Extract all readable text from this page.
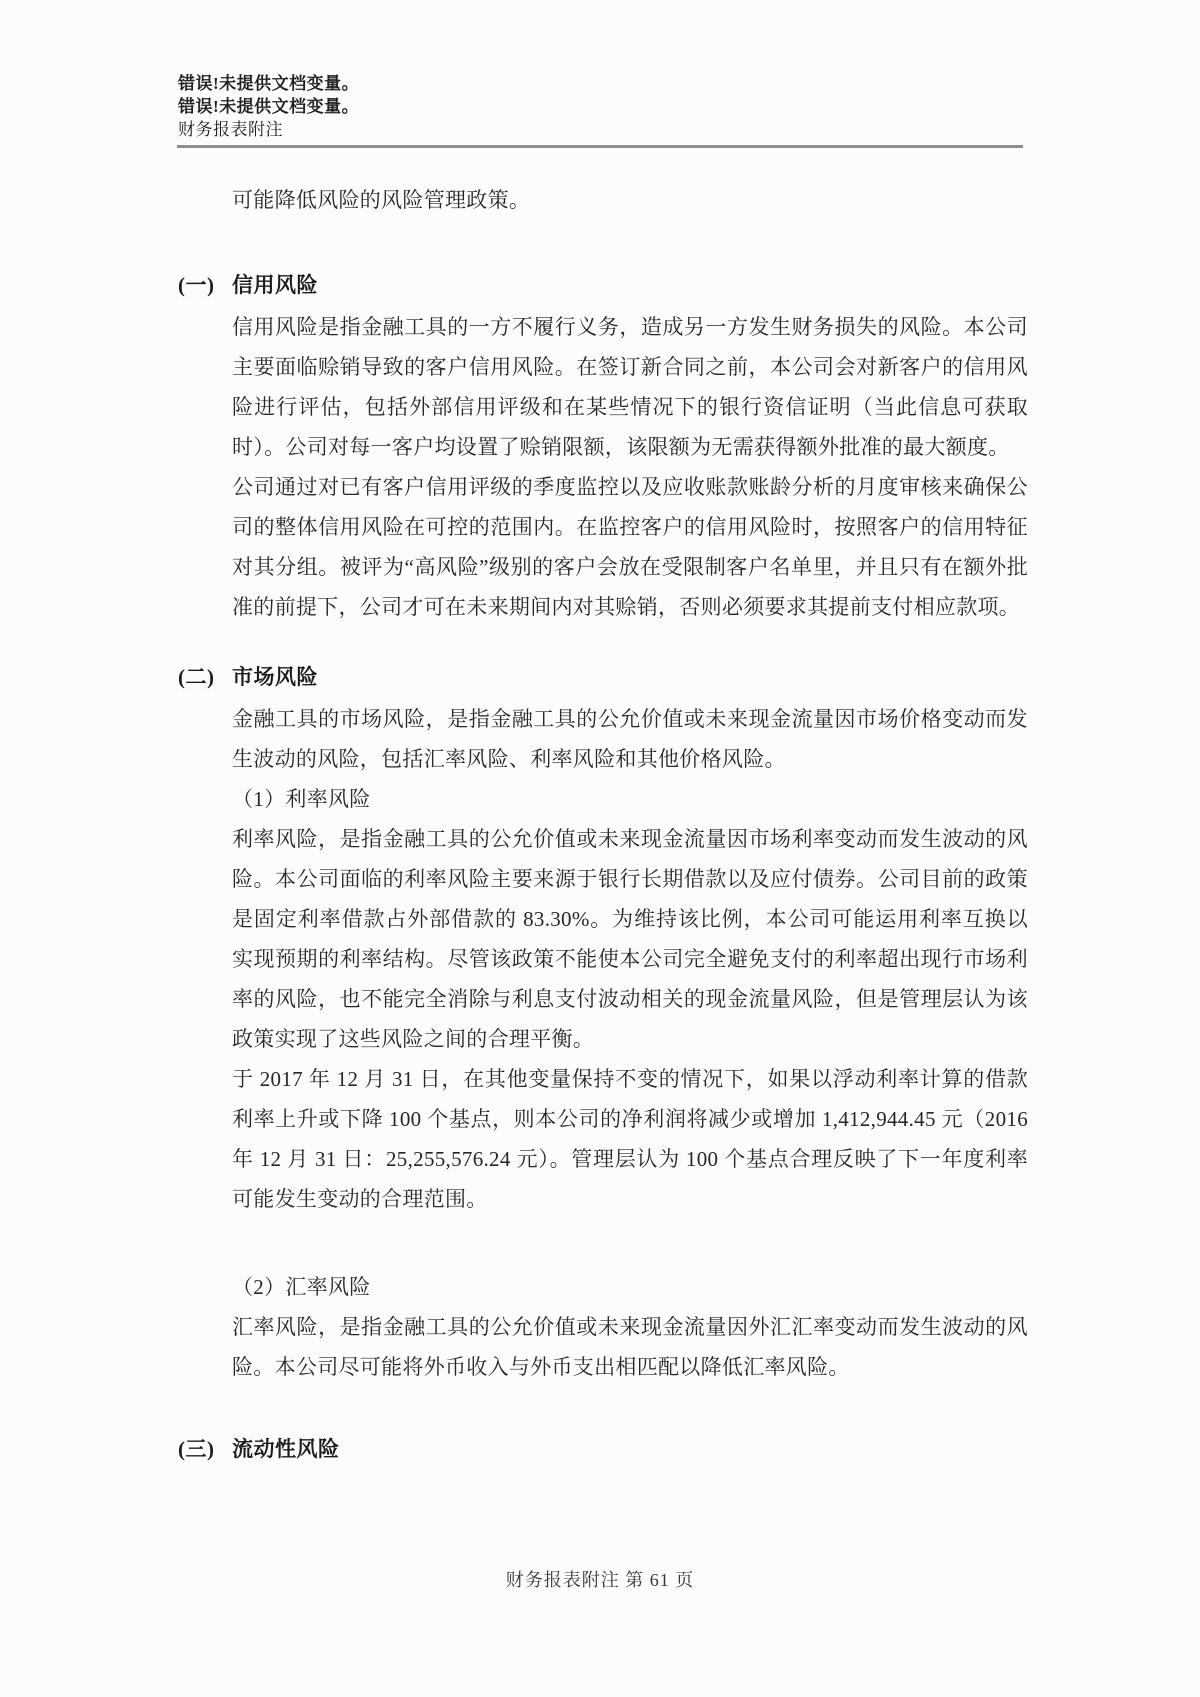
错误!未提供文档变量。
错误!未提供文档变量。
财务报表附注

可能降低风险的风险管理政策。

(一) 信用风险

信用风险是指金融工具的一方不履行义务，造成另一方发生财务损失的风险。本公司主要面临赊销导致的客户信用风险。在签订新合同之前，本公司会对新客户的信用风险进行评估，包括外部信用评级和在某些情况下的银行资信证明（当此信息可获取时）。公司对每一客户均设置了赊销限额，该限额为无需获得额外批准的最大额度。

公司通过对已有客户信用评级的季度监控以及应收账款账龄分析的月度审核来确保公司的整体信用风险在可控的范围内。在监控客户的信用风险时，按照客户的信用特征对其分组。被评为“高风险”级别的客户会放在受限制客户名单里，并且只有在额外批准的前提下，公司才可在未来期间内对其赊销，否则必须要求其提前支付相应款项。

(二) 市场风险

金融工具的市场风险，是指金融工具的公允价值或未来现金流量因市场价格变动而发生波动的风险，包括汇率风险、利率风险和其他价格风险。

（1）利率风险

利率风险，是指金融工具的公允价值或未来现金流量因市场利率变动而发生波动的风险。本公司面临的利率风险主要来源于银行长期借款以及应付债券。公司目前的政策是固定利率借款占外部借款的 83.30%。为维持该比例，本公司可能运用利率互换以实现预期的利率结构。尽管该政策不能使本公司完全避免支付的利率超出现行市场利率的风险，也不能完全消除与利息支付波动相关的现金流量风险，但是管理层认为该政策实现了这些风险之间的合理平衡。

于 2017 年 12 月 31 日，在其他变量保持不变的情况下，如果以浮动利率计算的借款利率上升或下降 100 个基点，则本公司的净利润将减少或增加 1,412,944.45 元（2016 年 12 月 31 日：25,255,576.24 元）。管理层认为 100 个基点合理反映了下一年度利率可能发生变动的合理范围。

（2）汇率风险

汇率风险，是指金融工具的公允价值或未来现金流量因外汇汇率变动而发生波动的风险。本公司尽可能将外币收入与外币支出相匹配以降低汇率风险。

(三) 流动性风险
财务报表附注 第 61 页
